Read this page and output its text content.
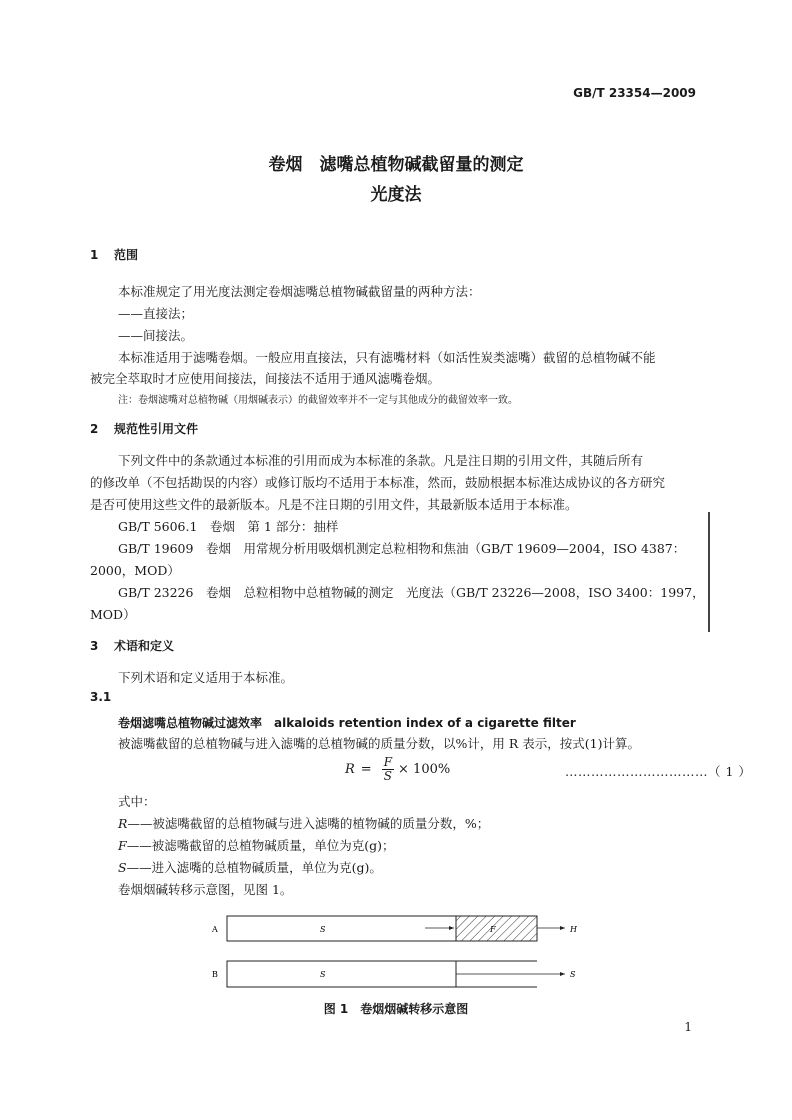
GB/T 23354—2009
卷烟　滤嘴总植物碱截留量的测定
光度法
1 范围
本标准规定了用光度法测定卷烟滤嘴总植物碱截留量的两种方法：
——直接法；
——间接法。
本标准适用于滤嘴卷烟。一般应用直接法，只有滤嘴材料（如活性炭类滤嘴）截留的总植物碱不能
被完全萃取时才应使用间接法，间接法不适用于通风滤嘴卷烟。
注：卷烟滤嘴对总植物碱（用烟碱表示）的截留效率并不一定与其他成分的截留效率一致。
2 规范性引用文件
下列文件中的条款通过本标准的引用而成为本标准的条款。凡是注日期的引用文件，其随后所有
的修改单（不包括勘误的内容）或修订版均不适用于本标准，然而，鼓励根据本标准达成协议的各方研究
是否可使用这些文件的最新版本。凡是不注日期的引用文件，其最新版本适用于本标准。
GB/T 5606.1　卷烟　第 1 部分：抽样
GB/T 19609　卷烟　用常规分析用吸烟机测定总粒相物和焦油（GB/T 19609—2004，ISO 4387：
2000，MOD）
GB/T 23226　卷烟　总粒相物中总植物碱的测定　光度法（GB/T 23226—2008，ISO 3400：1997，
MOD）
3 术语和定义
下列术语和定义适用于本标准。
3.1
卷烟滤嘴总植物碱过滤效率 alkaloids retention index of a cigarette filter
被滤嘴截留的总植物碱与进入滤嘴的总植物碱的质量分数，以%计，用 R 表示，按式(1)计算。
$R = \frac{F}{S} \times 100\%$	……………………………（ 1 ）
式中：
R——被滤嘴截留的总植物碱与进入滤嘴的植物碱的质量分数，%；
F——被滤嘴截留的总植物碱质量，单位为克(g)；
S——进入滤嘴的总植物碱质量，单位为克(g)。
卷烟烟碱转移示意图，见图 1。
A	S	F	H
B	S	S
图 1　卷烟烟碱转移示意图
1
